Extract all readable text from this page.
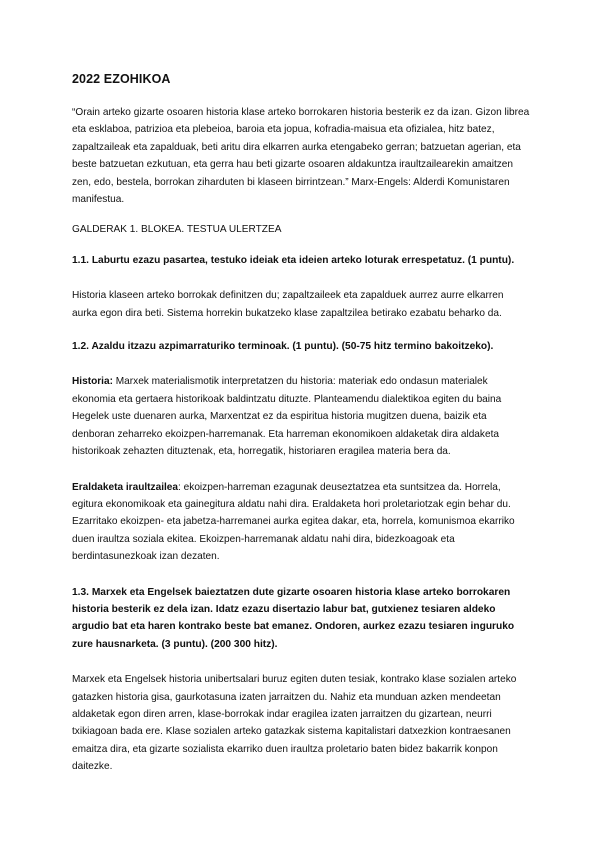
2022 EZOHIKOA

“Orain arteko gizarte osoaren historia klase arteko borrokaren historia besterik ez da izan. Gizon librea eta esklaboa, patrizioa eta plebeioa, baroia eta jopua, kofradia-maisua eta ofizialea, hitz batez, zapaltzaileak eta zapalduak, beti aritu dira elkarren aurka etengabeko gerran; batzuetan agerian, eta beste batzuetan ezkutuan, eta gerra hau beti gizarte osoaren aldakuntza iraultzailearekin amaitzen zen, edo, bestela, borrokan ziharduten bi klaseen birrintzean.” Marx-Engels: Alderdi Komunistaren manifestua.

GALDERAK 1. BLOKEA. TESTUA ULERTZEA

1.1. Laburtu ezazu pasartea, testuko ideiak eta ideien arteko loturak errespetatuz. (1 puntu).

Historia klaseen arteko borrokak definitzen du; zapaltzaileek eta zapalduek aurrez aurre elkarren aurka egon dira beti. Sistema horrekin bukatzeko klase zapaltzilea betirako ezabatu beharko da.

1.2. Azaldu itzazu azpimarraturiko terminoak. (1 puntu). (50-75 hitz termino bakoitzeko).

Historia: Marxek materialismotik interpretatzen du historia: materiak edo ondasun materialek ekonomia eta gertaera historikoak baldintzatu dituzte. Planteamendu dialektikoa egiten du baina Hegelek uste duenaren aurka, Marxentzat ez da espiritua historia mugitzen duena, baizik eta denboran zeharreko ekoizpen-harremanak. Eta harreman ekonomikoen aldaketak dira aldaketa historikoak zehazten dituztenak, eta, horregatik, historiaren eragilea materia bera da.

Eraldaketa iraultzailea: ekoizpen-harreman ezagunak deuseztatzea eta suntsitzea da. Horrela, egitura ekonomikoak eta gainegitura aldatu nahi dira. Eraldaketa hori proletariotzak egin behar du. Ezarritako ekoizpen- eta jabetza-harremanei aurka egitea dakar, eta, horrela, komunismoa ekarriko duen iraultza soziala ekitea. Ekoizpen-harremanak aldatu nahi dira, bidezkoagoak eta berdintasunezkoak izan dezaten.

1.3. Marxek eta Engelsek baieztatzen dute gizarte osoaren historia klase arteko borrokaren historia besterik ez dela izan. Idatz ezazu disertazio labur bat, gutxienez tesiaren aldeko argudio bat eta haren kontrako beste bat emanez. Ondoren, aurkez ezazu tesiaren inguruko zure hausnarketa. (3 puntu). (200 300 hitz).

Marxek eta Engelsek historia unibertsalari buruz egiten duten tesiak, kontrako klase sozialen arteko gatazken historia gisa, gaurkotasuna izaten jarraitzen du. Nahiz eta munduan azken mendeetan aldaketak egon diren arren, klase-borrokak indar eragilea izaten jarraitzen du gizartean, neurri txikiagoan bada ere. Klase sozialen arteko gatazkak sistema kapitalistari datxezkion kontraesanen emaitza dira, eta gizarte sozialista ekarriko duen iraultza proletario baten bidez bakarrik konpon daitezke.
